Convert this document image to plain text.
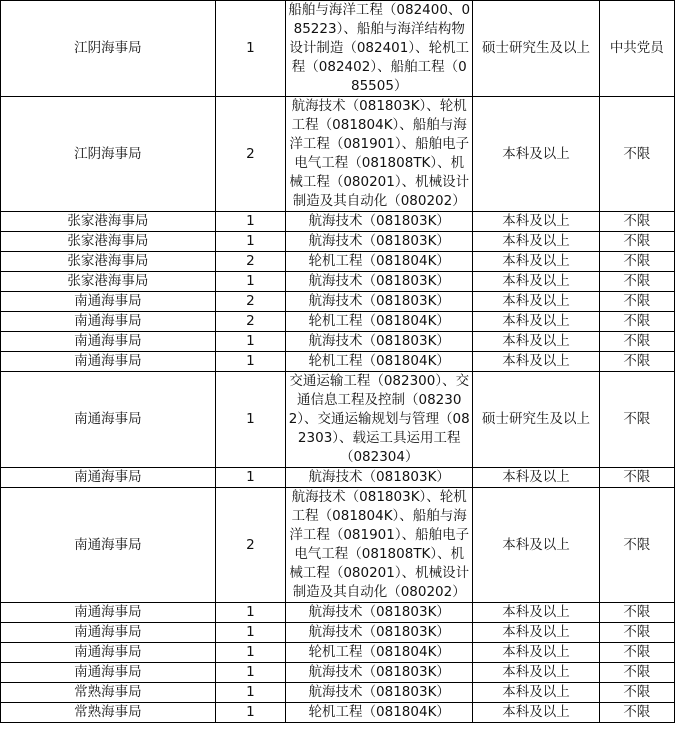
江阴海事局	1	船舶与海洋工程（082400、085223）、船舶与海洋结构物设计制造（082401）、轮机工程（082402）、船舶工程（085505）	硕士研究生及以上	中共党员
江阴海事局	2	航海技术（081803K）、轮机工程（081804K）、船舶与海洋工程（081901）、船舶电子电气工程（081808TK）、机械工程（080201）、机械设计制造及其自动化（080202）	本科及以上	不限
张家港海事局	1	航海技术（081803K）	本科及以上	不限
张家港海事局	1	航海技术（081803K）	本科及以上	不限
张家港海事局	2	轮机工程（081804K）	本科及以上	不限
张家港海事局	1	航海技术（081803K）	本科及以上	不限
南通海事局	2	航海技术（081803K）	本科及以上	不限
南通海事局	2	轮机工程（081804K）	本科及以上	不限
南通海事局	1	航海技术（081803K）	本科及以上	不限
南通海事局	1	轮机工程（081804K）	本科及以上	不限
南通海事局	1	交通运输工程（082300）、交通信息工程及控制（082302）、交通运输规划与管理（082303）、载运工具运用工程（082304）	硕士研究生及以上	不限
南通海事局	1	航海技术（081803K）	本科及以上	不限
南通海事局	2	航海技术（081803K）、轮机工程（081804K）、船舶与海洋工程（081901）、船舶电子电气工程（081808TK）、机械工程（080201）、机械设计制造及其自动化（080202）	本科及以上	不限
南通海事局	1	航海技术（081803K）	本科及以上	不限
南通海事局	1	航海技术（081803K）	本科及以上	不限
南通海事局	1	轮机工程（081804K）	本科及以上	不限
南通海事局	1	航海技术（081803K）	本科及以上	不限
常熟海事局	1	航海技术（081803K）	本科及以上	不限
常熟海事局	1	轮机工程（081804K）	本科及以上	不限
